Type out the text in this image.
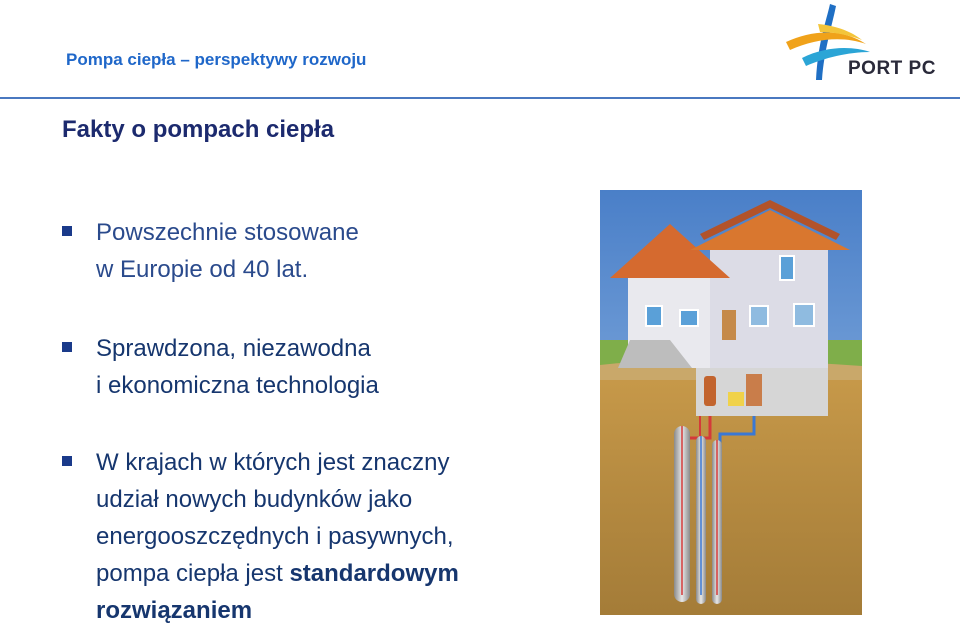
Pompa ciepła – perspektywy rozwoju	PORT PC
Fakty o pompach ciepła
Powszechnie stosowane
w Europie od 40 lat.
Sprawdzona, niezawodna
i ekonomiczna technologia
W krajach w których jest znaczny
udział nowych budynków jako
energooszczędnych i pasywnych,
pompa ciepła jest standardowym
rozwiązaniem
